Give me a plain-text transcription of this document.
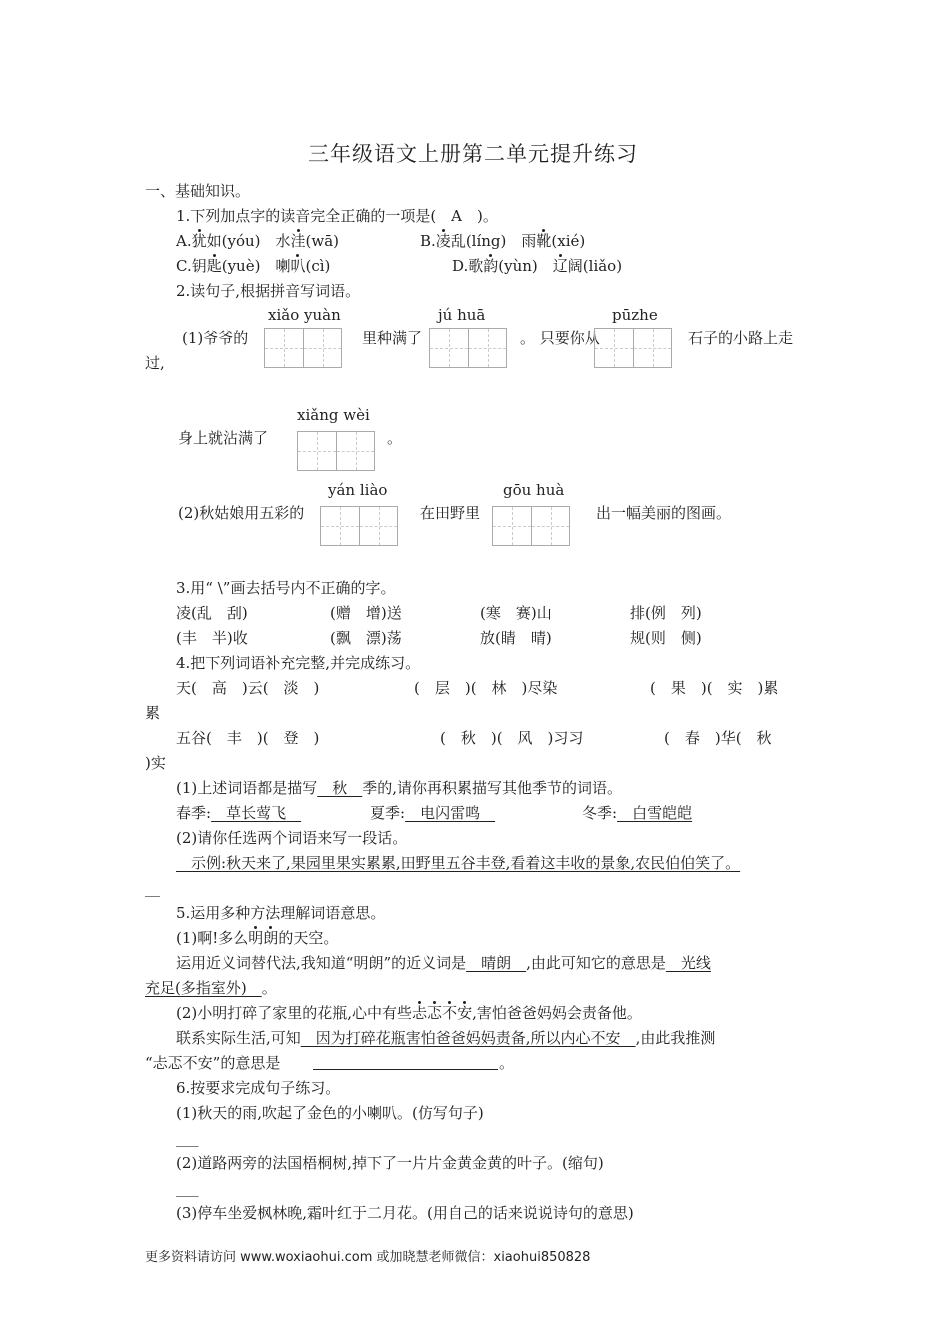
三年级语文上册第二单元提升练习
一、基础知识。
1.下列加点字的读音完全正确的一项是(　A　)。
A.犹如(yóu)　水洼(wā)	B.凌乱(líng)　雨靴(xié)
C.钥匙(yuè)　喇叭(cì)	D.歌韵(yùn)　辽阔(liǎo)
2.读句子,根据拼音写词语。
xiǎo yuàn	jú huā	pūzhe
(1)爷爷的	里种满了	。 只要你从	石子的小路上走
过,
xiǎng wèi
身上就沾满了	。
yán liào	gōu huà
(2)秋姑娘用五彩的	在田野里	出一幅美丽的图画。
3.用“ \”画去括号内不正确的字。
凌(乱　刮)	(赠　增)送	(寒　赛)山	排(例　列)
(丰　半)收	(飘　漂)荡	放(睛　晴)	规(则　侧)
4.把下列词语补充完整,并完成练习。
天(　高　)云(　淡　)	(　层　)(　林　)尽染	(　果　)(　实　)累
累
五谷(　丰　)(　登　)	(　秋　)(　风　)习习	(　春　)华(　秋
)实
(1)上述词语都是描写　秋　季的,请你再积累描写其他季节的词语。
春季:　草长莺飞　	夏季:　电闪雷鸣　	冬季:　白雪皑皑
(2)请你任选两个词语来写一段话。
　示例:秋天来了,果园里果实累累,田野里五谷丰登,看着这丰收的景象,农民伯伯笑了。
__
5.运用多种方法理解词语意思。
(1)啊!多么明朗的天空。
运用近义词替代法,我知道“明朗”的近义词是　晴朗　,由此可知它的意思是　光线
充足(多指室外)　。
(2)小明打碎了家里的花瓶,心中有些忐忑不安,害怕爸爸妈妈会责备他。
联系实际生活,可知　因为打碎花瓶害怕爸爸妈妈责备,所以内心不安　,由此我推测
“忐忑不安”的意思是	。
6.按要求完成句子练习。
(1)秋天的雨,吹起了金色的小喇叭。(仿写句子)
___
(2)道路两旁的法国梧桐树,掉下了一片片金黄金黄的叶子。(缩句)
___
(3)停车坐爱枫林晚,霜叶红于二月花。(用自己的话来说说诗句的意思)
更多资料请访问 www.woxiaohui.com 或加晓慧老师微信：xiaohui850828
